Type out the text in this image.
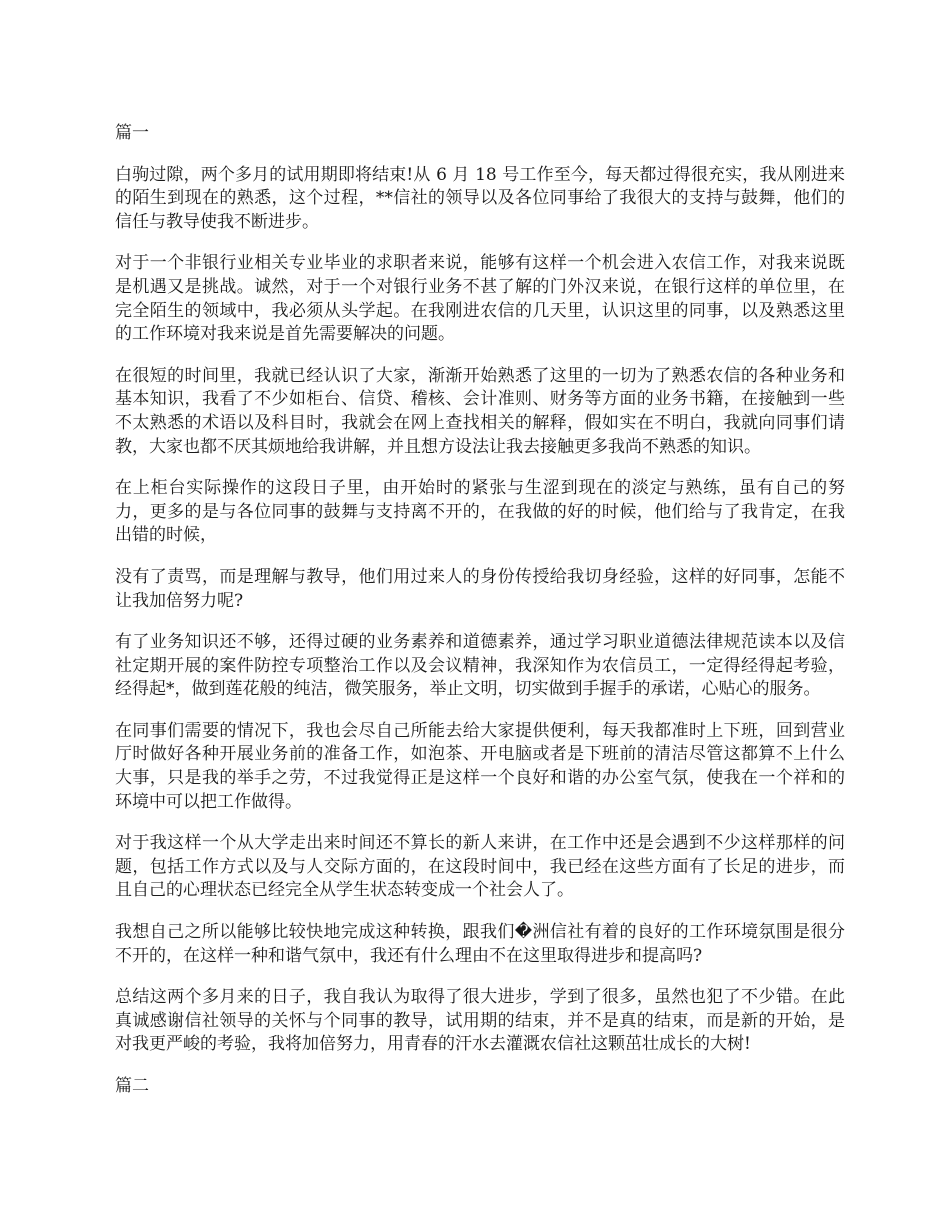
篇一
白驹过隙，两个多月的试用期即将结束!从 6 月 18 号工作至今，每天都过得很充实，我从刚进来的陌生到现在的熟悉，这个过程，**信社的领导以及各位同事给了我很大的支持与鼓舞，他们的信任与教导使我不断进步。
对于一个非银行业相关专业毕业的求职者来说，能够有这样一个机会进入农信工作，对我来说既是机遇又是挑战。诚然，对于一个对银行业务不甚了解的门外汉来说，在银行这样的单位里，在完全陌生的领域中，我必须从头学起。在我刚进农信的几天里，认识这里的同事，以及熟悉这里的工作环境对我来说是首先需要解决的问题。
在很短的时间里，我就已经认识了大家，渐渐开始熟悉了这里的一切为了熟悉农信的各种业务和基本知识，我看了不少如柜台、信贷、稽核、会计准则、财务等方面的业务书籍，在接触到一些不太熟悉的术语以及科目时，我就会在网上查找相关的解释，假如实在不明白，我就向同事们请教，大家也都不厌其烦地给我讲解，并且想方设法让我去接触更多我尚不熟悉的知识。
在上柜台实际操作的这段日子里，由开始时的紧张与生涩到现在的淡定与熟练，虽有自己的努力，更多的是与各位同事的鼓舞与支持离不开的，在我做的好的时候，他们给与了我肯定，在我出错的时候，
没有了责骂，而是理解与教导，他们用过来人的身份传授给我切身经验，这样的好同事，怎能不让我加倍努力呢?
有了业务知识还不够，还得过硬的业务素养和道德素养，通过学习职业道德法律规范读本以及信社定期开展的案件防控专项整治工作以及会议精神，我深知作为农信员工，一定得经得起考验，经得起*，做到莲花般的纯洁，微笑服务，举止文明，切实做到手握手的承诺，心贴心的服务。
在同事们需要的情况下，我也会尽自己所能去给大家提供便利，每天我都准时上下班，回到营业厅时做好各种开展业务前的准备工作，如泡茶、开电脑或者是下班前的清洁尽管这都算不上什么大事，只是我的举手之劳，不过我觉得正是这样一个良好和谐的办公室气氛，使我在一个祥和的环境中可以把工作做得。
对于我这样一个从大学走出来时间还不算长的新人来讲，在工作中还是会遇到不少这样那样的问题，包括工作方式以及与人交际方面的，在这段时间中，我已经在这些方面有了长足的进步，而且自己的心理状态已经完全从学生状态转变成一个社会人了。
我想自己之所以能够比较快地完成这种转换，跟我们�洲信社有着的良好的工作环境氛围是很分不开的，在这样一种和谐气氛中，我还有什么理由不在这里取得进步和提高吗?
总结这两个多月来的日子，我自我认为取得了很大进步，学到了很多，虽然也犯了不少错。在此真诚感谢信社领导的关怀与个同事的教导，试用期的结束，并不是真的结束，而是新的开始，是对我更严峻的考验，我将加倍努力，用青春的汗水去灌溉农信社这颗茁壮成长的大树!
篇二
